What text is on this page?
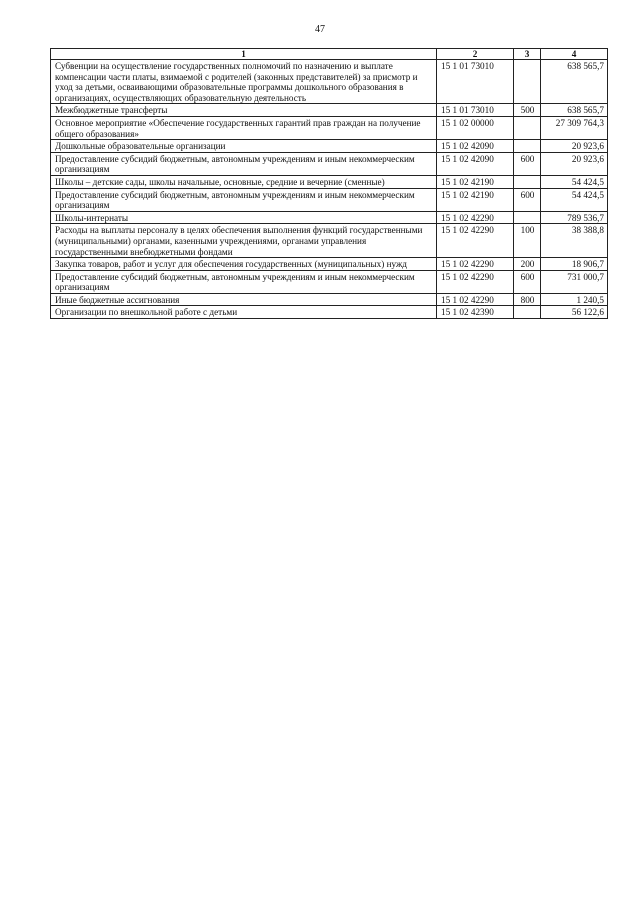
47
1	2	3	4
Субвенции на осуществление государственных полномочий по назначению и выплате компенсации части платы, взимаемой с родителей (законных представителей) за присмотр и уход за детьми, осваивающими образовательные программы дошкольного образования в организациях, осуществляющих образовательную деятельность	15 1 01 73010		638 565,7
Межбюджетные трансферты	15 1 01 73010	500	638 565,7
Основное мероприятие «Обеспечение государственных гарантий прав граждан на получение общего образования»	15 1 02 00000		27 309 764,3
Дошкольные образовательные организации	15 1 02 42090		20 923,6
Предоставление субсидий бюджетным, автономным учреждениям и иным некоммерческим организациям	15 1 02 42090	600	20 923,6
Школы – детские сады, школы начальные, основные, средние и вечерние (сменные)	15 1 02 42190		54 424,5
Предоставление субсидий бюджетным, автономным учреждениям и иным некоммерческим организациям	15 1 02 42190	600	54 424,5
Школы-интернаты	15 1 02 42290		789 536,7
Расходы на выплаты персоналу в целях обеспечения выполнения функций государственными (муниципальными) органами, казенными учреждениями, органами управления государственными внебюджетными фондами	15 1 02 42290	100	38 388,8
Закупка товаров, работ и услуг для обеспечения государственных (муниципальных) нужд	15 1 02 42290	200	18 906,7
Предоставление субсидий бюджетным, автономным учреждениям и иным некоммерческим организациям	15 1 02 42290	600	731 000,7
Иные бюджетные ассигнования	15 1 02 42290	800	1 240,5
Организации по внешкольной работе с детьми	15 1 02 42390		56 122,6
